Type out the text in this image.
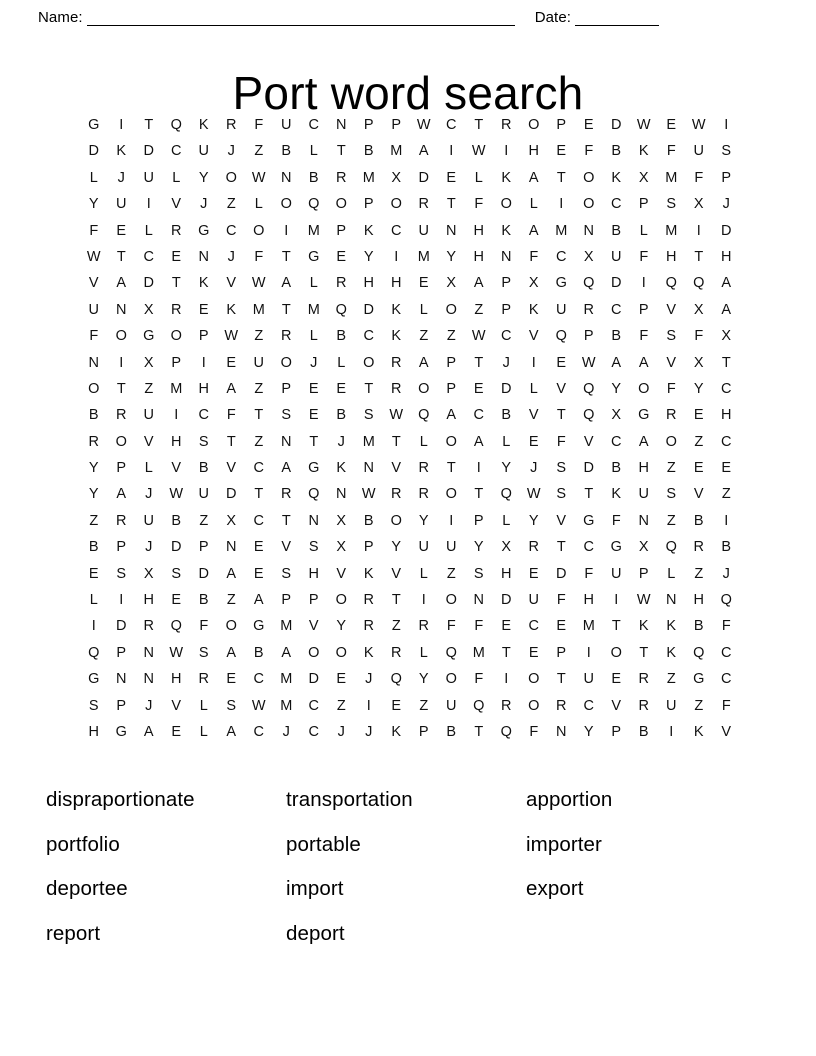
Name:	Date:
Port word search
G I T Q K R F U C N P P W C T R O P E D W E W I
D K D C U J Z B L T B M A I W I H E F B K F U S
L J U L Y O W N B R M X D E L K A T O K X M F P
Y U I V J Z L O Q O P O R T F O L I O C P S X J
F E L R G C O I M P K C U N H K A M N B L M I D
W T C E N J F T G E Y I M Y H N F C X U F H T H
V A D T K V W A L R H H E X A P X G Q D I Q Q A
U N X R E K M T M Q D K L O Z P K U R C P V X A
F O G O P W Z R L B C K Z Z W C V Q P B F S F X
N I X P I E U O J L O R A P T J I E W A A V X T
O T Z M H A Z P E E T R O P E D L V Q Y O F Y C
B R U I C F T S E B S W Q A C B V T Q X G R E H
R O V H S T Z N T J M T L O A L E F V C A O Z C
Y P L V B V C A G K N V R T I Y J S D B H Z E E
Y A J W U D T R Q N W R R O T Q W S T K U S V Z
Z R U B Z X C T N X B O Y I P L Y V G F N Z B I
B P J D P N E V S X P Y U U Y X R T C G X Q R B
E S X S D A E S H V K V L Z S H E D F U P L Z J
L I H E B Z A P P O R T I O N D U F H I W N H Q
I D R Q F O G M V Y R Z R F F E C E M T K K B F
Q P N W S A B A O O K R L Q M T E P I O T K Q C
G N N H R E C M D E J Q Y O F I O T U E R Z G C
S P J V L S W M C Z I E Z U Q R O R C V R U Z F
H G A E L A C J C J J K P B T Q F N Y P B I K V
dispraportionate	transportation	apportion
portfolio	portable	importer
deportee	import	export
report	deport
